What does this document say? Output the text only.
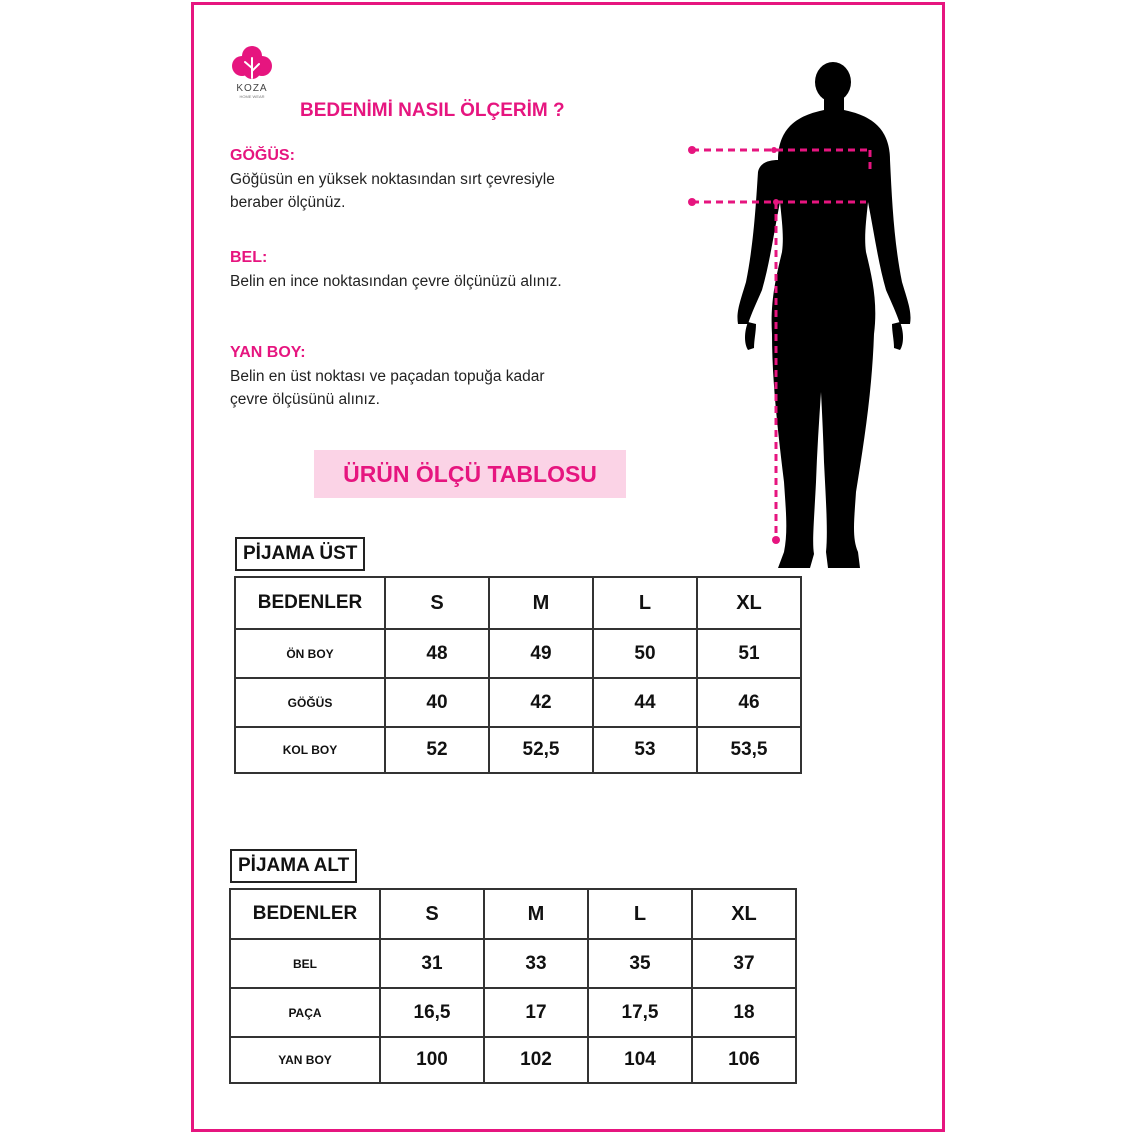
KOZA
HOME WEAR
BEDENİMİ NASIL ÖLÇERİM ?
GÖĞÜS:
Göğüsün en yüksek noktasından sırt çevresiyle
beraber ölçünüz.
BEL:
Belin en ince noktasından çevre ölçünüzü alınız.
YAN BOY:
Belin en üst noktası ve paçadan topuğa kadar
çevre ölçüsünü alınız.
ÜRÜN ÖLÇÜ TABLOSU
PİJAMA ÜST
BEDENLER	S	M	L	XL
ÖN BOY	48	49	50	51
GÖĞÜS	40	42	44	46
KOL BOY	52	52,5	53	53,5
PİJAMA ALT
BEDENLER	S	M	L	XL
BEL	31	33	35	37
PAÇA	16,5	17	17,5	18
YAN BOY	100	102	104	106
